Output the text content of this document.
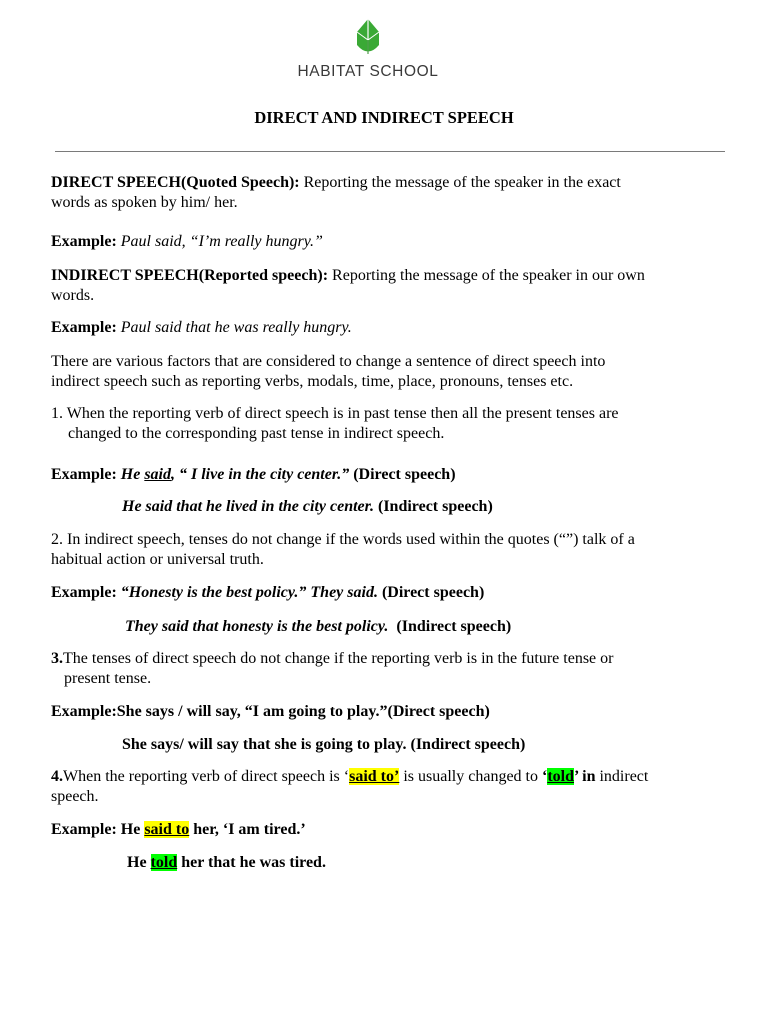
HABITAT SCHOOL
DIRECT AND INDIRECT SPEECH
DIRECT SPEECH(Quoted Speech): Reporting the message of the speaker in the exact
words as spoken by him/ her.
Example: Paul said, “I’m really hungry.”
INDIRECT SPEECH(Reported speech): Reporting the message of the speaker in our own
words.
Example: Paul said that he was really hungry.
There are various factors that are considered to change a sentence of direct speech into
indirect speech such as reporting verbs, modals, time, place, pronouns, tenses etc.
1. When the reporting verb of direct speech is in past tense then all the present tenses are
changed to the corresponding past tense in indirect speech.
Example: He said, “ I live in the city center.” (Direct speech)
He said that he lived in the city center. (Indirect speech)
2. In indirect speech, tenses do not change if the words used within the quotes (“”) talk of a
habitual action or universal truth.
Example: “Honesty is the best policy.” They said. (Direct speech)
They said that honesty is the best policy.  (Indirect speech)
3.The tenses of direct speech do not change if the reporting verb is in the future tense or
present tense.
Example:She says / will say, “I am going to play.”(Direct speech)
She says/ will say that she is going to play. (Indirect speech)
4.When the reporting verb of direct speech is ‘said to’ is usually changed to ‘told’ in indirect
speech.
Example: He said to her, ‘I am tired.’
He told her that he was tired.
